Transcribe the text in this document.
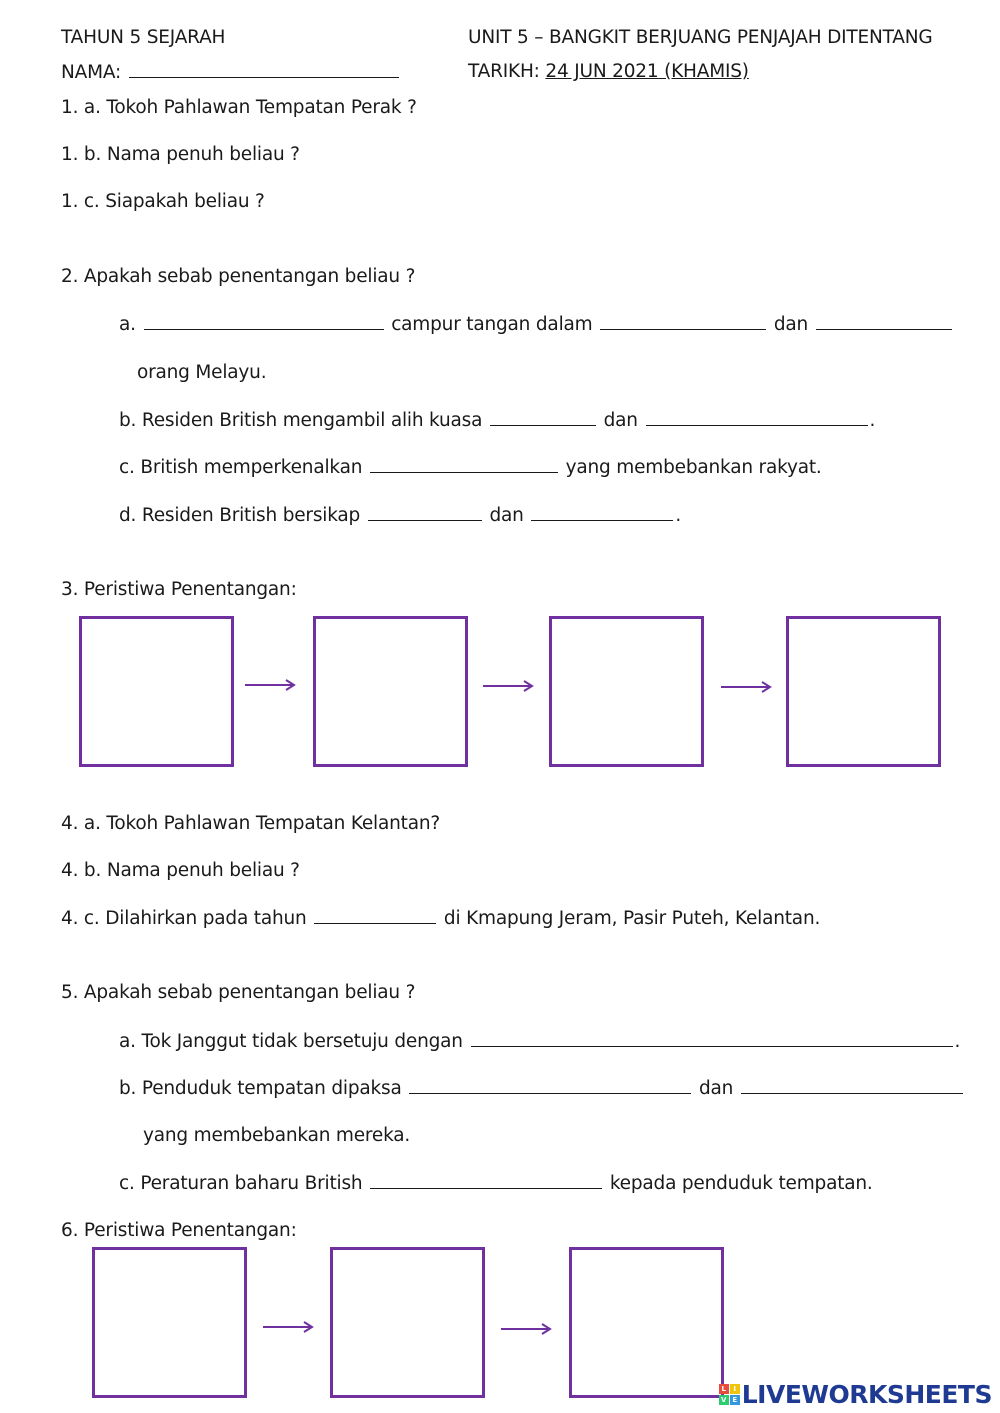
TAHUN 5 SEJARAH	UNIT 5 – BANGKIT BERJUANG PENJAJAH DITENTANG
NAMA:	TARIKH: 24 JUN 2021 (KHAMIS)
1. a. Tokoh Pahlawan Tempatan Perak ?
1. b. Nama penuh beliau ?
1. c. Siapakah beliau ?
2. Apakah sebab penentangan beliau ?
a.	campur tangan dalam	dan
orang Melayu.
b. Residen British mengambil alih kuasa	dan	.
c. British memperkenalkan	yang membebankan rakyat.
d. Residen British bersikap	dan	.
3. Peristiwa Penentangan:
4. a. Tokoh Pahlawan Tempatan Kelantan?
4. b. Nama penuh beliau ?
4. c. Dilahirkan pada tahun	di Kmapung Jeram, Pasir Puteh, Kelantan.
5. Apakah sebab penentangan beliau ?
a. Tok Janggut tidak bersetuju dengan	.
b. Penduduk tempatan dipaksa	dan
yang membebankan mereka.
c. Peraturan baharu British	kepada penduduk tempatan.
6. Peristiwa Penentangan:
L	I
V E LIVEWORKSHEETS
